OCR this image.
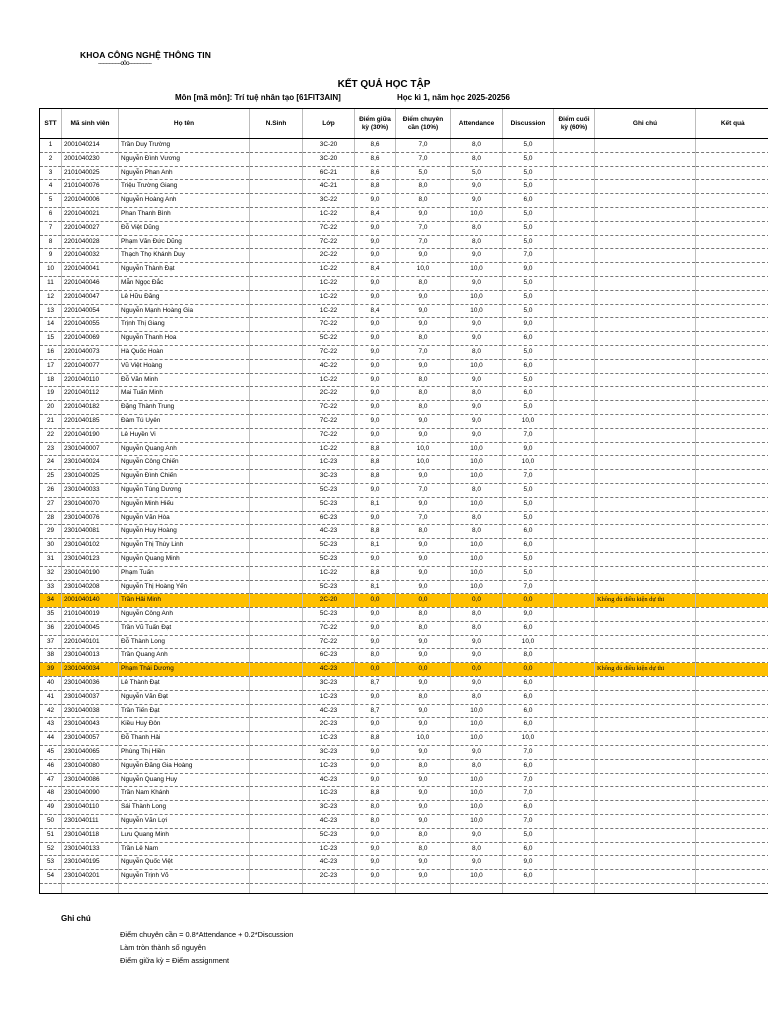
KHOA CÔNG NGHỆ THÔNG TIN
---------------o0o---------------
KẾT QUẢ HỌC TẬP
Môn [mã môn]: Trí tuệ nhân tạo [61FIT3AIN]	Học kì 1, năm học 2025-20256
STT	Mã sinh viên	Họ tên	N.Sinh	Lớp	Điểm giữa kỳ (30%)	Điểm chuyên cần (10%)	Attendance	Discussion	Điểm cuối kỳ (60%)	Ghi chú	Kết quả
1	2001040214	Trần Duy Trường		3C-20	8,6	7,0	8,0	5,0			
2	2001040230	Nguyễn Đình Vương		3C-20	8,6	7,0	8,0	5,0			
3	2101040025	Nguyễn Phan Anh		6C-21	8,6	5,0	5,0	5,0			
4	2101040076	Triệu Trường Giang		4C-21	8,8	8,0	9,0	5,0			
5	2201040006	Nguyễn Hoàng Anh		3C-22	9,0	8,0	9,0	6,0			
6	2201040021	Phan Thanh Bình		1C-22	8,4	9,0	10,0	5,0			
7	2201040027	Đỗ Việt Dũng		7C-22	9,0	7,0	8,0	5,0			
8	2201040028	Phạm Văn Đức Dũng		7C-22	9,0	7,0	8,0	5,0			
9	2201040032	Thạch Thọ Khánh Duy		2C-22	9,0	9,0	9,0	7,0			
10	2201040041	Nguyễn Thành Đạt		1C-22	8,4	10,0	10,0	9,0			
11	2201040046	Mẫn Ngọc Đắc		1C-22	9,0	8,0	9,0	5,0			
12	2201040047	Lê Hữu Đăng		1C-22	9,0	9,0	10,0	5,0			
13	2201040054	Nguyễn Mạnh Hoàng Gia		1C-22	8,4	9,0	10,0	5,0			
14	2201040055	Trịnh Thị Giang		7C-22	9,0	9,0	9,0	9,0			
15	2201040069	Nguyễn Thanh Hoa		5C-22	9,0	8,0	9,0	6,0			
16	2201040073	Hà Quốc Hoàn		7C-22	9,0	7,0	8,0	5,0			
17	2201040077	Vũ Việt Hoàng		4C-22	9,0	9,0	10,0	6,0			
18	2201040110	Đỗ Văn Minh		1C-22	9,0	8,0	9,0	5,0			
19	2201040112	Mai Tuấn Minh		2C-22	9,0	8,0	8,0	6,0			
20	2201040182	Đặng Thành Trung		7C-22	9,0	8,0	9,0	5,0			
21	2201040185	Đàm Tú Uyên		7C-22	9,0	9,0	9,0	10,0			
22	2201040190	Lê Huyền Vi		7C-22	9,0	9,0	9,0	7,0			
23	2301040007	Nguyễn Quang Anh		1C-22	8,8	10,0	10,0	9,0			
24	2301040024	Nguyễn Công Chiến		1C-23	8,8	10,0	10,0	10,0			
25	2301040025	Nguyễn Đình Chiến		3C-23	8,8	9,0	10,0	7,0			
26	2301040033	Nguyễn Tùng Dương		5C-23	9,0	7,0	8,0	5,0			
27	2301040070	Nguyễn Minh Hiếu		5C-23	8,1	9,0	10,0	5,0			
28	2301040076	Nguyễn Văn Hòa		6C-23	9,0	7,0	8,0	5,0			
29	2301040081	Nguyễn Huy Hoàng		4C-23	8,8	8,0	8,0	6,0			
30	2301040102	Nguyễn Thị Thùy Linh		5C-23	8,1	9,0	10,0	6,0			
31	2301040123	Nguyễn Quang Minh		5C-23	9,0	9,0	10,0	5,0			
32	2301040190	Phạm Tuấn		1C-22	8,8	9,0	10,0	5,0			
33	2301040208	Nguyễn Thị Hoàng Yến		5C-23	8,1	9,0	10,0	7,0			
34	2001040140	Trần Hải Minh		2C-20	0,0	0,0	0,0	0,0		Không đủ điều kiện dự thi	
35	2101040019	Nguyễn Công Anh		5C-23	9,0	8,0	8,0	9,0			
36	2201040045	Trần Vũ Tuấn Đạt		7C-22	9,0	8,0	8,0	6,0			
37	2201040101	Đỗ Thành Long		7C-22	9,0	9,0	9,0	10,0			
38	2301040013	Trần Quang Anh		6C-23	8,0	9,0	9,0	8,0			
39	2301040034	Phạm Thái Dương		4C-23	0,0	0,0	0,0	0,0		Không đủ điều kiện dự thi	
40	2301040036	Lê Thành Đạt		3C-23	8,7	9,0	9,0	6,0			
41	2301040037	Nguyễn Văn Đạt		1C-23	9,0	8,0	8,0	6,0			
42	2301040038	Trần Tiến Đạt		4C-23	8,7	9,0	10,0	6,0			
43	2301040043	Kiều Huy Đôn		2C-23	9,0	9,0	10,0	6,0			
44	2301040057	Đỗ Thanh Hải		1C-23	8,8	10,0	10,0	10,0			
45	2301040065	Phùng Thị Hiền		3C-23	9,0	9,0	9,0	7,0			
46	2301040080	Nguyễn Đăng Gia Hoàng		1C-23	9,0	8,0	8,0	6,0			
47	2301040086	Nguyễn Quang Huy		4C-23	9,0	9,0	10,0	7,0			
48	2301040090	Trần Nam Khánh		1C-23	8,8	9,0	10,0	7,0			
49	2301040110	Sái Thành Long		3C-23	8,0	9,0	10,0	6,0			
50	2301040111	Nguyễn Văn Lợi		4C-23	8,0	9,0	10,0	7,0			
51	2301040118	Lưu Quang Minh		5C-23	9,0	8,0	9,0	5,0			
52	2301040133	Trần Lê Nam		1C-23	9,0	8,0	8,0	6,0			
53	2301040195	Nguyễn Quốc Việt		4C-23	9,0	9,0	9,0	9,0			
54	2301040201	Nguyễn Trịnh Võ		2C-23	9,0	9,0	10,0	6,0			

Ghi chú
Điểm chuyên cần = 0.8*Attendance + 0.2*Discussion
Làm tròn thành số nguyên
Điểm giữa kỳ = Điểm assignment
